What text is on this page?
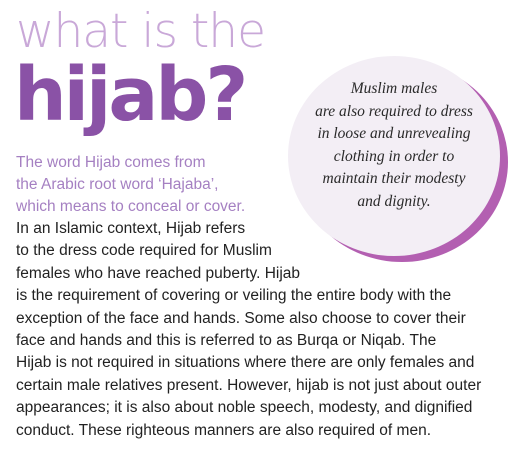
what is the
hijab?	Muslim males
are also required to dress
in loose and unrevealing
clothing in order to
maintain their modesty
and dignity.

The word Hijab comes from
the Arabic root word ‘Hajaba’,
which means to conceal or cover.

In an Islamic context, Hijab refers
to the dress code required for Muslim
females who have reached puberty. Hijab
is the requirement of covering or veiling the entire body with the
exception of the face and hands. Some also choose to cover their
face and hands and this is referred to as Burqa or Niqab. The
Hijab is not required in situations where there are only females and
certain male relatives present. However, hijab is not just about outer
appearances; it is also about noble speech, modesty, and dignified
conduct. These righteous manners are also required of men.
